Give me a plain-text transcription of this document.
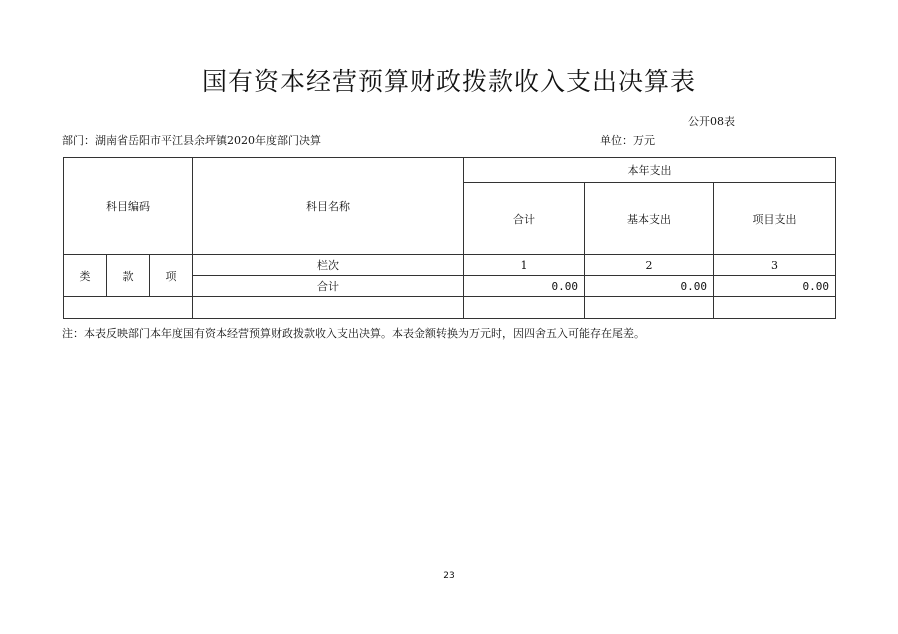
国有资本经营预算财政拨款收入支出决算表
公开08表
部门：湖南省岳阳市平江县余坪镇2020年度部门决算	单位：万元
科目编码			科目名称	本年支出		
				合计	基本支出	项目支出
类	款	项	栏次	1	2	3
			合计	0.00	0.00	0.00

注：本表反映部门本年度国有资本经营预算财政拨款收入支出决算。本表金额转换为万元时，因四舍五入可能存在尾差。
23
